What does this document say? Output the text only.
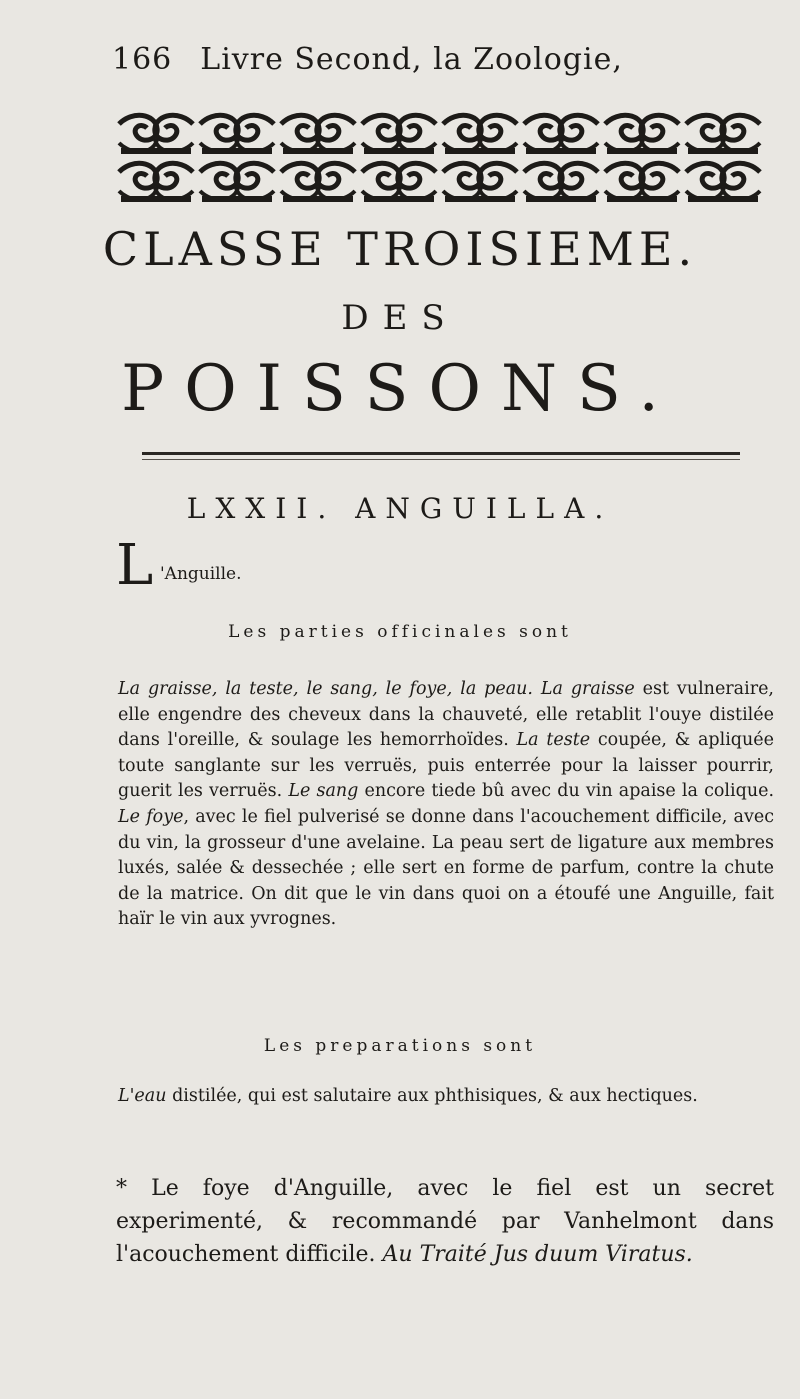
166 Livre Second, la Zoologie,
CLASSE TROISIEME.
DES
POISSONS.
LXXII. ANGUILLA.
L 'Anguille.
Les parties officinales sont
La graisse, la teste, le sang, le foye, la peau. La graisse est vulneraire, elle engendre des cheveux dans la chauveté, elle retablit l'ouye distilée dans l'oreille, & soulage les hemorrhoïdes. La teste coupée, & apliquée toute sanglante sur les verruës, puis enterrée pour la laisser pourrir, guerit les verruës. Le sang encore tiede bû avec du vin apaise la colique. Le foye, avec le fiel pulverisé se donne dans l'acouchement difficile, avec du vin, la grosseur d'une avelaine. La peau sert de ligature aux membres luxés, salée & dessechée ; elle sert en forme de parfum, contre la chute de la matrice. On dit que le vin dans quoi on a étoufé une Anguille, fait haïr le vin aux yvrognes.
Les preparations sont
L'eau distilée, qui est salutaire aux phthisiques, & aux hectiques.
* Le foye d'Anguille, avec le fiel est un secret experimenté, & recommandé par Vanhelmont dans l'acouchement difficile. Au Traité Jus duum Viratus.
